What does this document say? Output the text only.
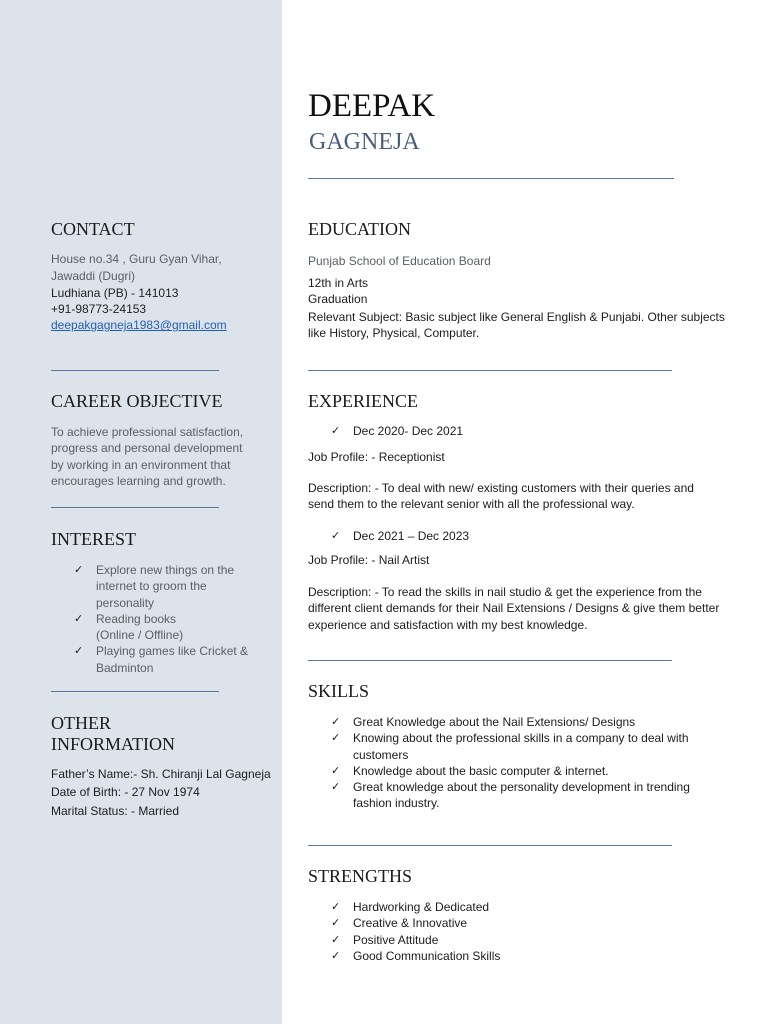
DEEPAK
GAGNEJA
CONTACT
House no.34 , Guru Gyan Vihar,
Jawaddi (Dugri)
Ludhiana (PB) - 141013
+91-98773-24153
deepakgagneja1983@gmail.com
CAREER OBJECTIVE
To achieve professional satisfaction,
progress and personal development
by working in an environment that
encourages learning and growth.
INTEREST
✓ Explore new things on the
internet to groom the
personality
✓ Reading books
(Online / Offline)
✓ Playing games like Cricket &
Badminton
OTHER
INFORMATION
Father’s Name:- Sh. Chiranji Lal Gagneja
Date of Birth: - 27 Nov 1974
Marital Status: - Married
EDUCATION
Punjab School of Education Board
12th in Arts
Graduation
Relevant Subject: Basic subject like General English & Punjabi. Other subjects
like History, Physical, Computer.
EXPERIENCE
✓ Dec 2020- Dec 2021
Job Profile: - Receptionist
Description: - To deal with new/ existing customers with their queries and
send them to the relevant senior with all the professional way.
✓ Dec 2021 – Dec 2023
Job Profile: - Nail Artist
Description: - To read the skills in nail studio & get the experience from the
different client demands for their Nail Extensions / Designs & give them better
experience and satisfaction with my best knowledge.
SKILLS
✓ Great Knowledge about the Nail Extensions/ Designs
✓ Knowing about the professional skills in a company to deal with
customers
✓ Knowledge about the basic computer & internet.
✓ Great knowledge about the personality development in trending
fashion industry.
STRENGTHS
✓ Hardworking & Dedicated
✓ Creative & Innovative
✓ Positive Attitude
✓ Good Communication Skills
